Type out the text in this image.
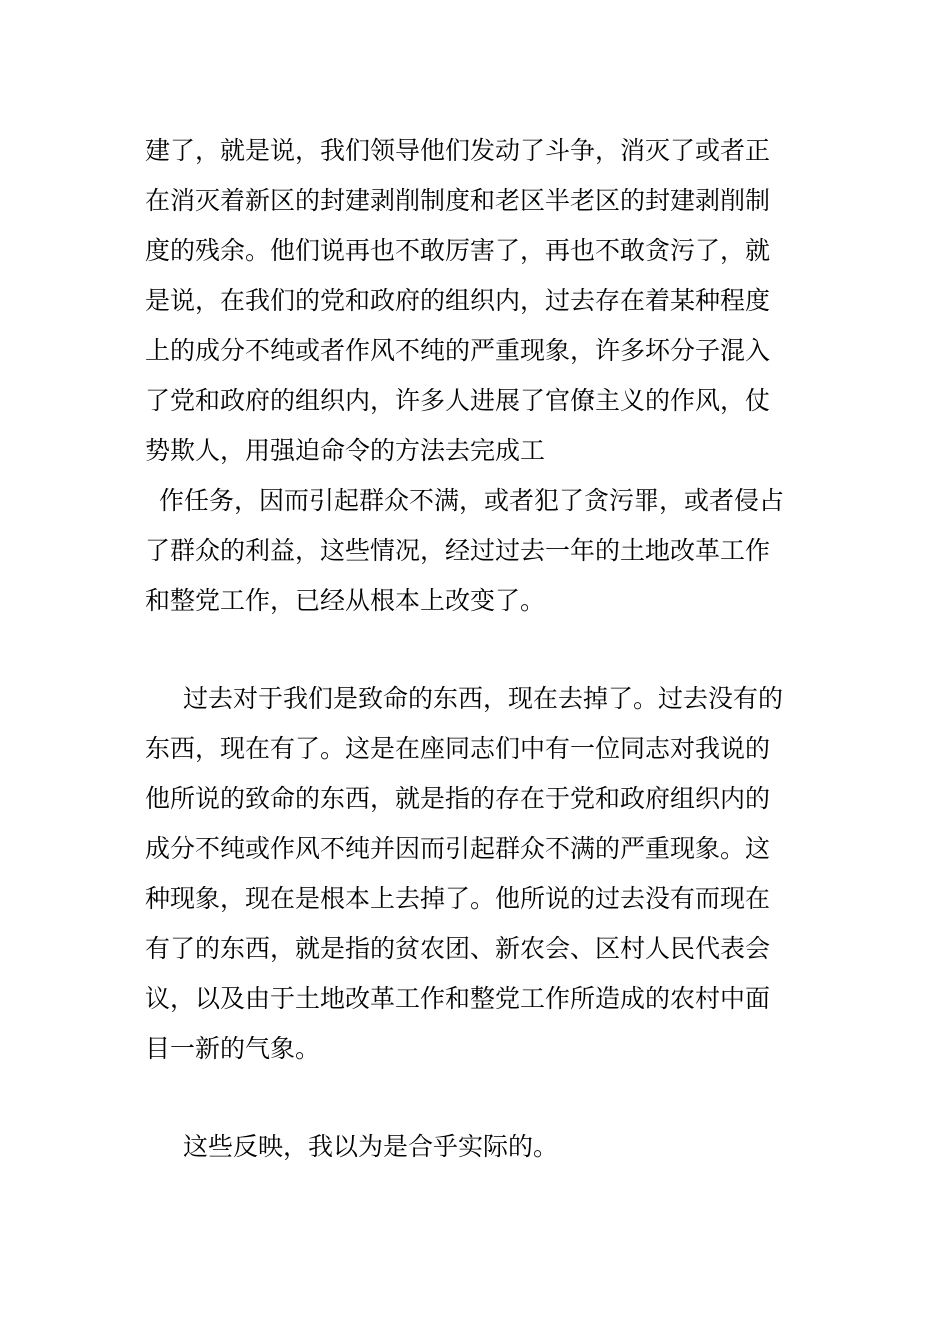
建了，就是说，我们领导他们发动了斗争，消灭了或者正
在消灭着新区的封建剥削制度和老区半老区的封建剥削制
度的残余。他们说再也不敢厉害了，再也不敢贪污了，就
是说，在我们的党和政府的组织内，过去存在着某种程度
上的成分不纯或者作风不纯的严重现象，许多坏分子混入
了党和政府的组织内，许多人进展了官僚主义的作风，仗
势欺人，用强迫命令的方法去完成工
作任务，因而引起群众不满，或者犯了贪污罪，或者侵占
了群众的利益，这些情况，经过过去一年的土地改革工作
和整党工作，已经从根本上改变了。
过去对于我们是致命的东西，现在去掉了。过去没有的
东西，现在有了。这是在座同志们中有一位同志对我说的
他所说的致命的东西，就是指的存在于党和政府组织内的
成分不纯或作风不纯并因而引起群众不满的严重现象。这
种现象，现在是根本上去掉了。他所说的过去没有而现在
有了的东西，就是指的贫农团、新农会、区村人民代表会
议，以及由于土地改革工作和整党工作所造成的农村中面
目一新的气象。
这些反映，我以为是合乎实际的。
